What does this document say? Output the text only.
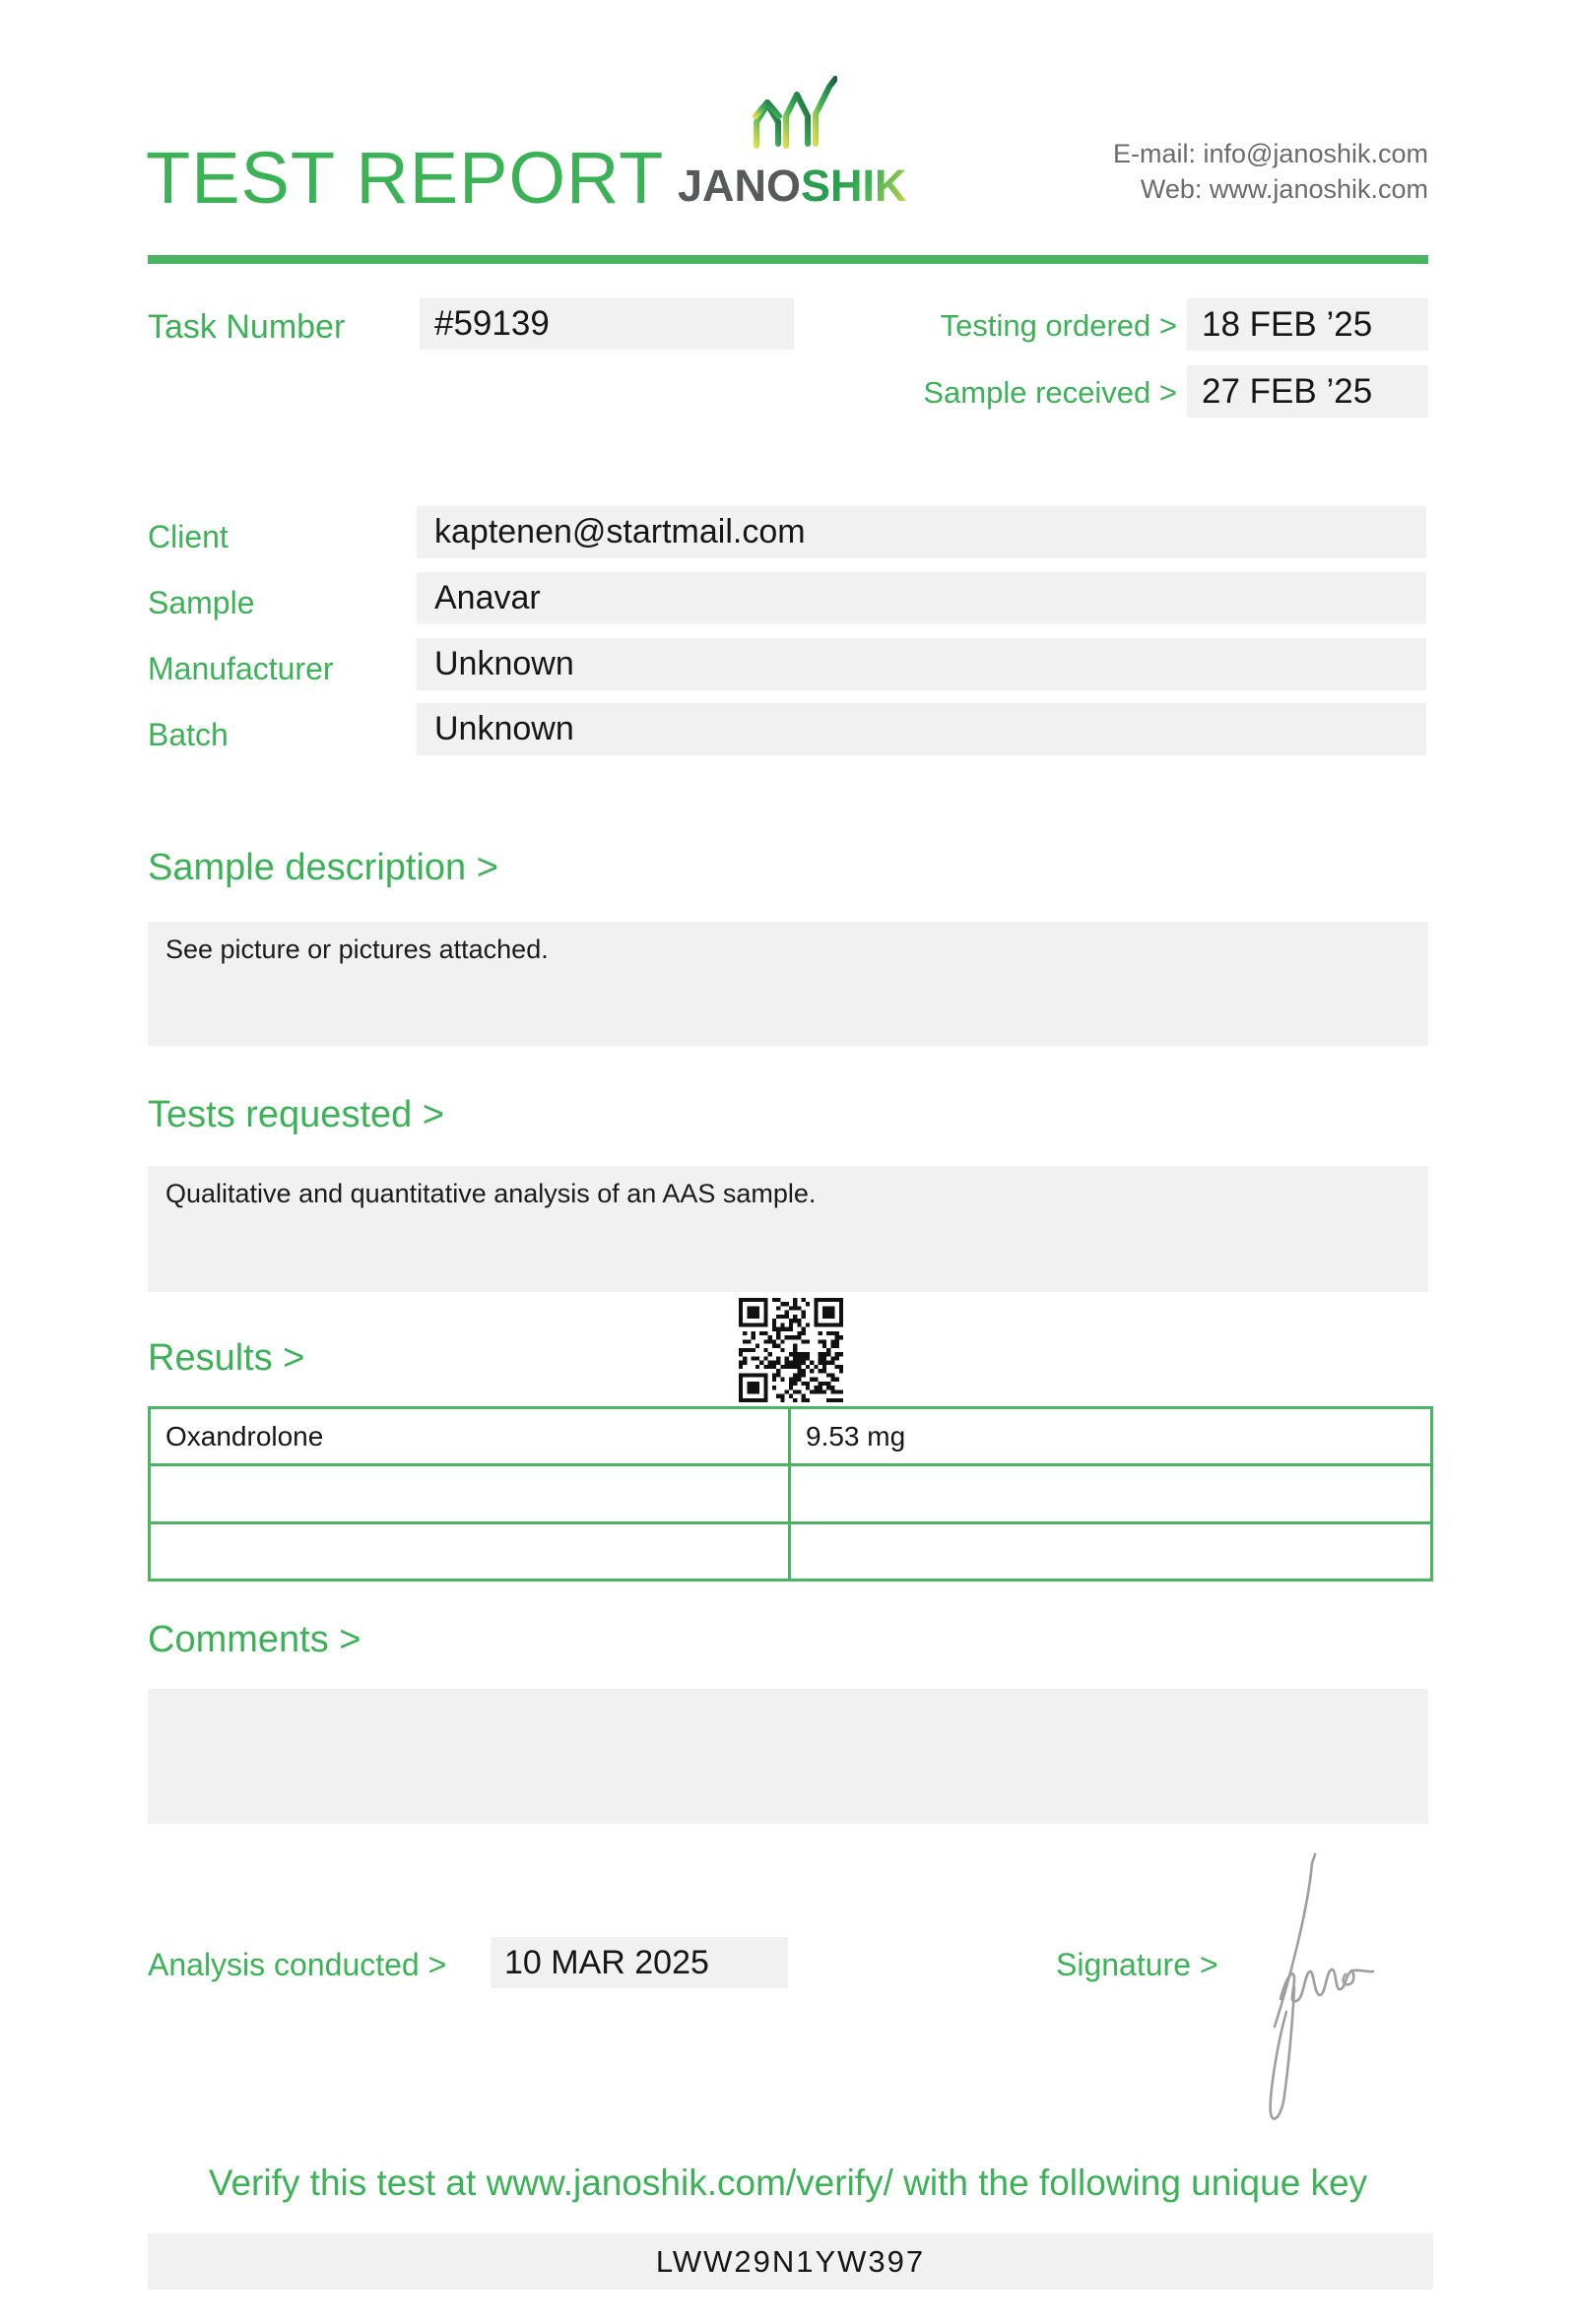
TEST REPORT JANOSHIK
E-mail: info@janoshik.com
Web: www.janoshik.com
Task Number	#59139	Testing ordered > 18 FEB ’25
Sample received > 27 FEB ’25
Client	kaptenen@startmail.com
Sample	Anavar
Manufacturer	Unknown
Batch	Unknown
Sample description >
See picture or pictures attached.
Tests requested >
Qualitative and quantitative analysis of an AAS sample.
Results >
Oxandrolone	9.53 mg
Comments >
Analysis conducted >	10 MAR 2025	Signature >
Verify this test at www.janoshik.com/verify/ with the following unique key
LWW29N1YW397
